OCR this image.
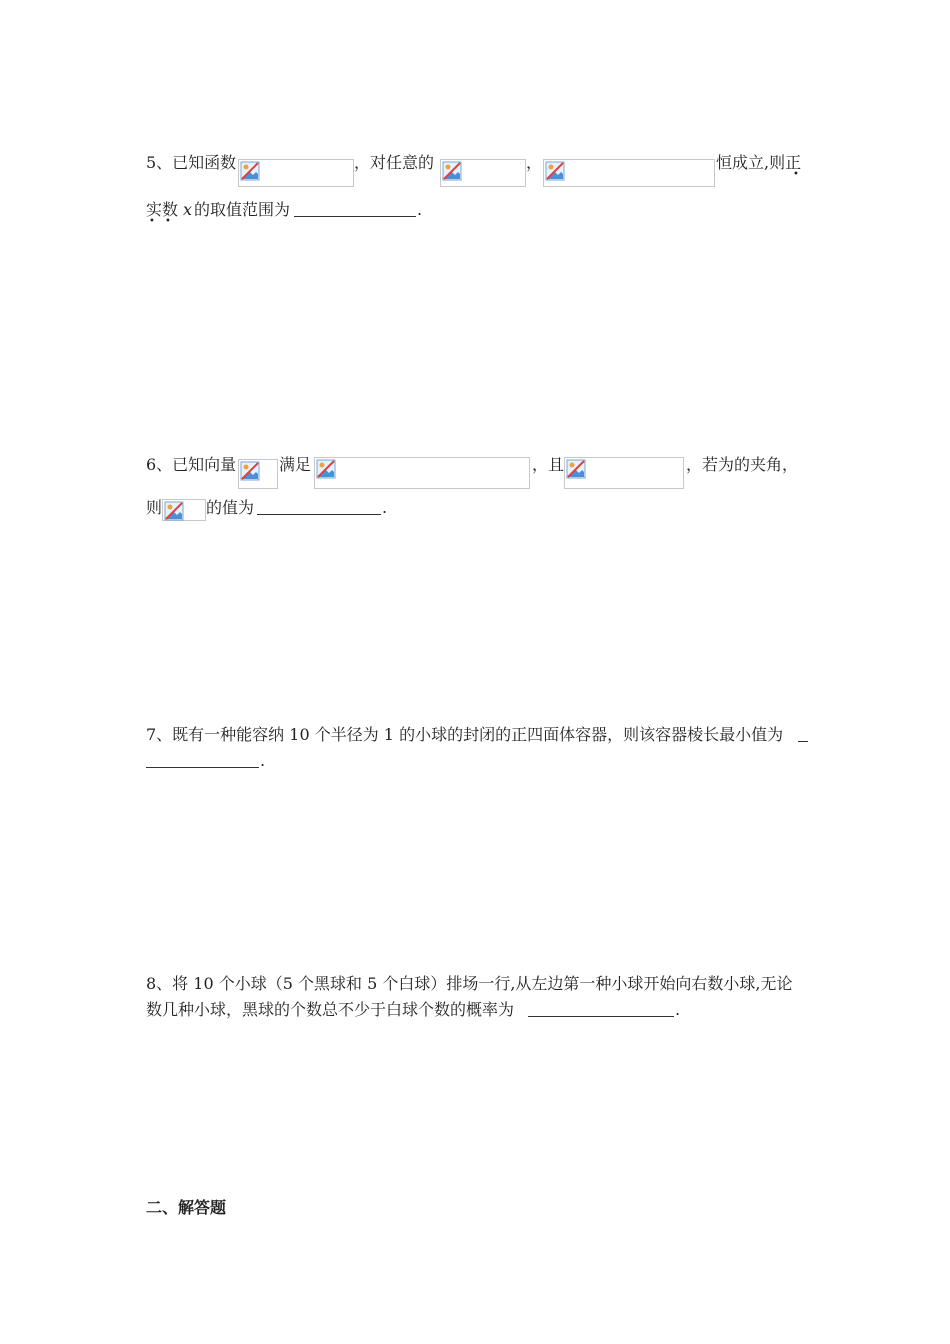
5、已知函数	，对任意的	，	恒成立,则正
•
实数
• •
x 的取值范围为	.
6、已知向量	满足	，且	，若为的夹角，
则	的值为	.
7、既有一种能容纳 10 个半径为 1 的小球的封闭的正四面体容器，则该容器棱长最小值为
.
8、将 10 个小球（5 个黑球和 5 个白球）排场一行,从左边第一种小球开始向右数小球,无论
数几种小球，黑球的个数总不少于白球个数的概率为	.
二、解答题
